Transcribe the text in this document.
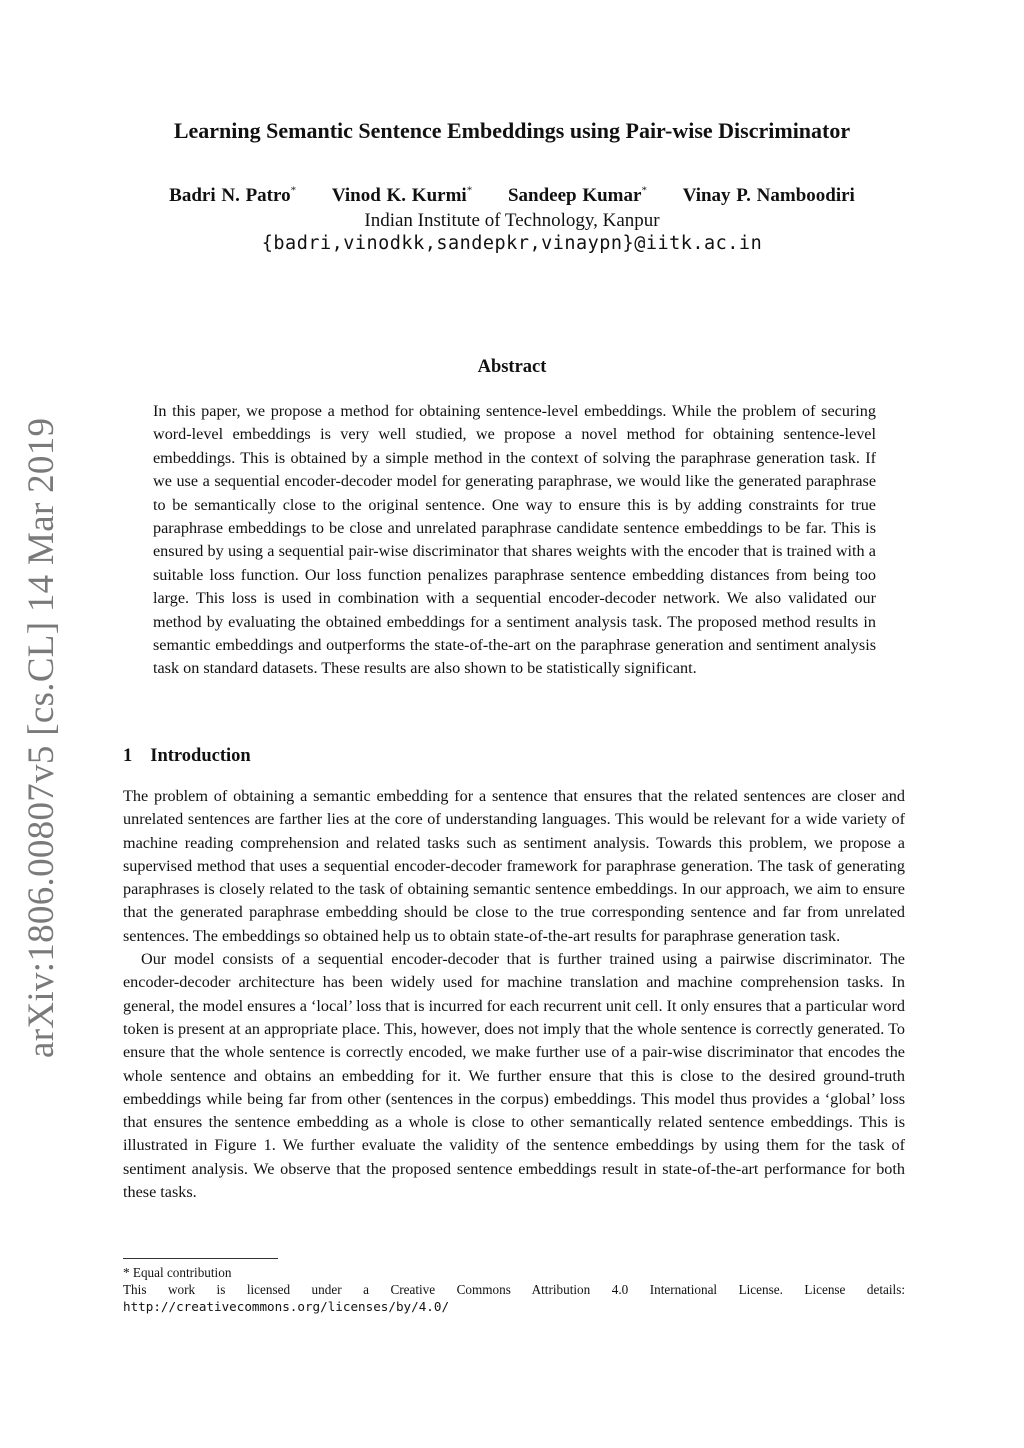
arXiv:1806.00807v5 [cs.CL] 14 Mar 2019
Learning Semantic Sentence Embeddings using Pair-wise Discriminator
Badri N. Patro* Vinod K. Kurmi* Sandeep Kumar* Vinay P. Namboodiri
Indian Institute of Technology, Kanpur
{badri,vinodkk,sandepkr,vinaypn}@iitk.ac.in
Abstract

In this paper, we propose a method for obtaining sentence-level embeddings. While the problem of securing word-level embeddings is very well studied, we propose a novel method for obtaining sentence-level embeddings. This is obtained by a simple method in the context of solving the paraphrase generation task. If we use a sequential encoder-decoder model for generating paraphrase, we would like the generated paraphrase to be semantically close to the original sentence. One way to ensure this is by adding constraints for true paraphrase embeddings to be close and unrelated paraphrase candidate sentence embeddings to be far. This is ensured by using a sequential pair-wise discriminator that shares weights with the encoder that is trained with a suitable loss function. Our loss function penalizes paraphrase sentence embedding distances from being too large. This loss is used in combination with a sequential encoder-decoder network. We also validated our method by evaluating the obtained embeddings for a sentiment analysis task. The proposed method results in semantic embeddings and outperforms the state-of-the-art on the paraphrase generation and sentiment analysis task on standard datasets. These results are also shown to be statistically significant.

1 Introduction

The problem of obtaining a semantic embedding for a sentence that ensures that the related sentences are closer and unrelated sentences are farther lies at the core of understanding languages. This would be relevant for a wide variety of machine reading comprehension and related tasks such as sentiment analysis. Towards this problem, we propose a supervised method that uses a sequential encoder-decoder framework for paraphrase generation. The task of generating paraphrases is closely related to the task of obtaining semantic sentence embeddings. In our approach, we aim to ensure that the generated paraphrase embedding should be close to the true corresponding sentence and far from unrelated sentences. The embeddings so obtained help us to obtain state-of-the-art results for paraphrase generation task.

Our model consists of a sequential encoder-decoder that is further trained using a pairwise discriminator. The encoder-decoder architecture has been widely used for machine translation and machine comprehension tasks. In general, the model ensures a ‘local’ loss that is incurred for each recurrent unit cell. It only ensures that a particular word token is present at an appropriate place. This, however, does not imply that the whole sentence is correctly generated. To ensure that the whole sentence is correctly encoded, we make further use of a pair-wise discriminator that encodes the whole sentence and obtains an embedding for it. We further ensure that this is close to the desired ground-truth embeddings while being far from other (sentences in the corpus) embeddings. This model thus provides a ‘global’ loss that ensures the sentence embedding as a whole is close to other semantically related sentence embeddings. This is illustrated in Figure 1. We further evaluate the validity of the sentence embeddings by using them for the task of sentiment analysis. We observe that the proposed sentence embeddings result in state-of-the-art performance for both these tasks.

* Equal contribution

This work is licensed under a Creative Commons Attribution 4.0 International License. License details: http://creativecommons.org/licenses/by/4.0/
